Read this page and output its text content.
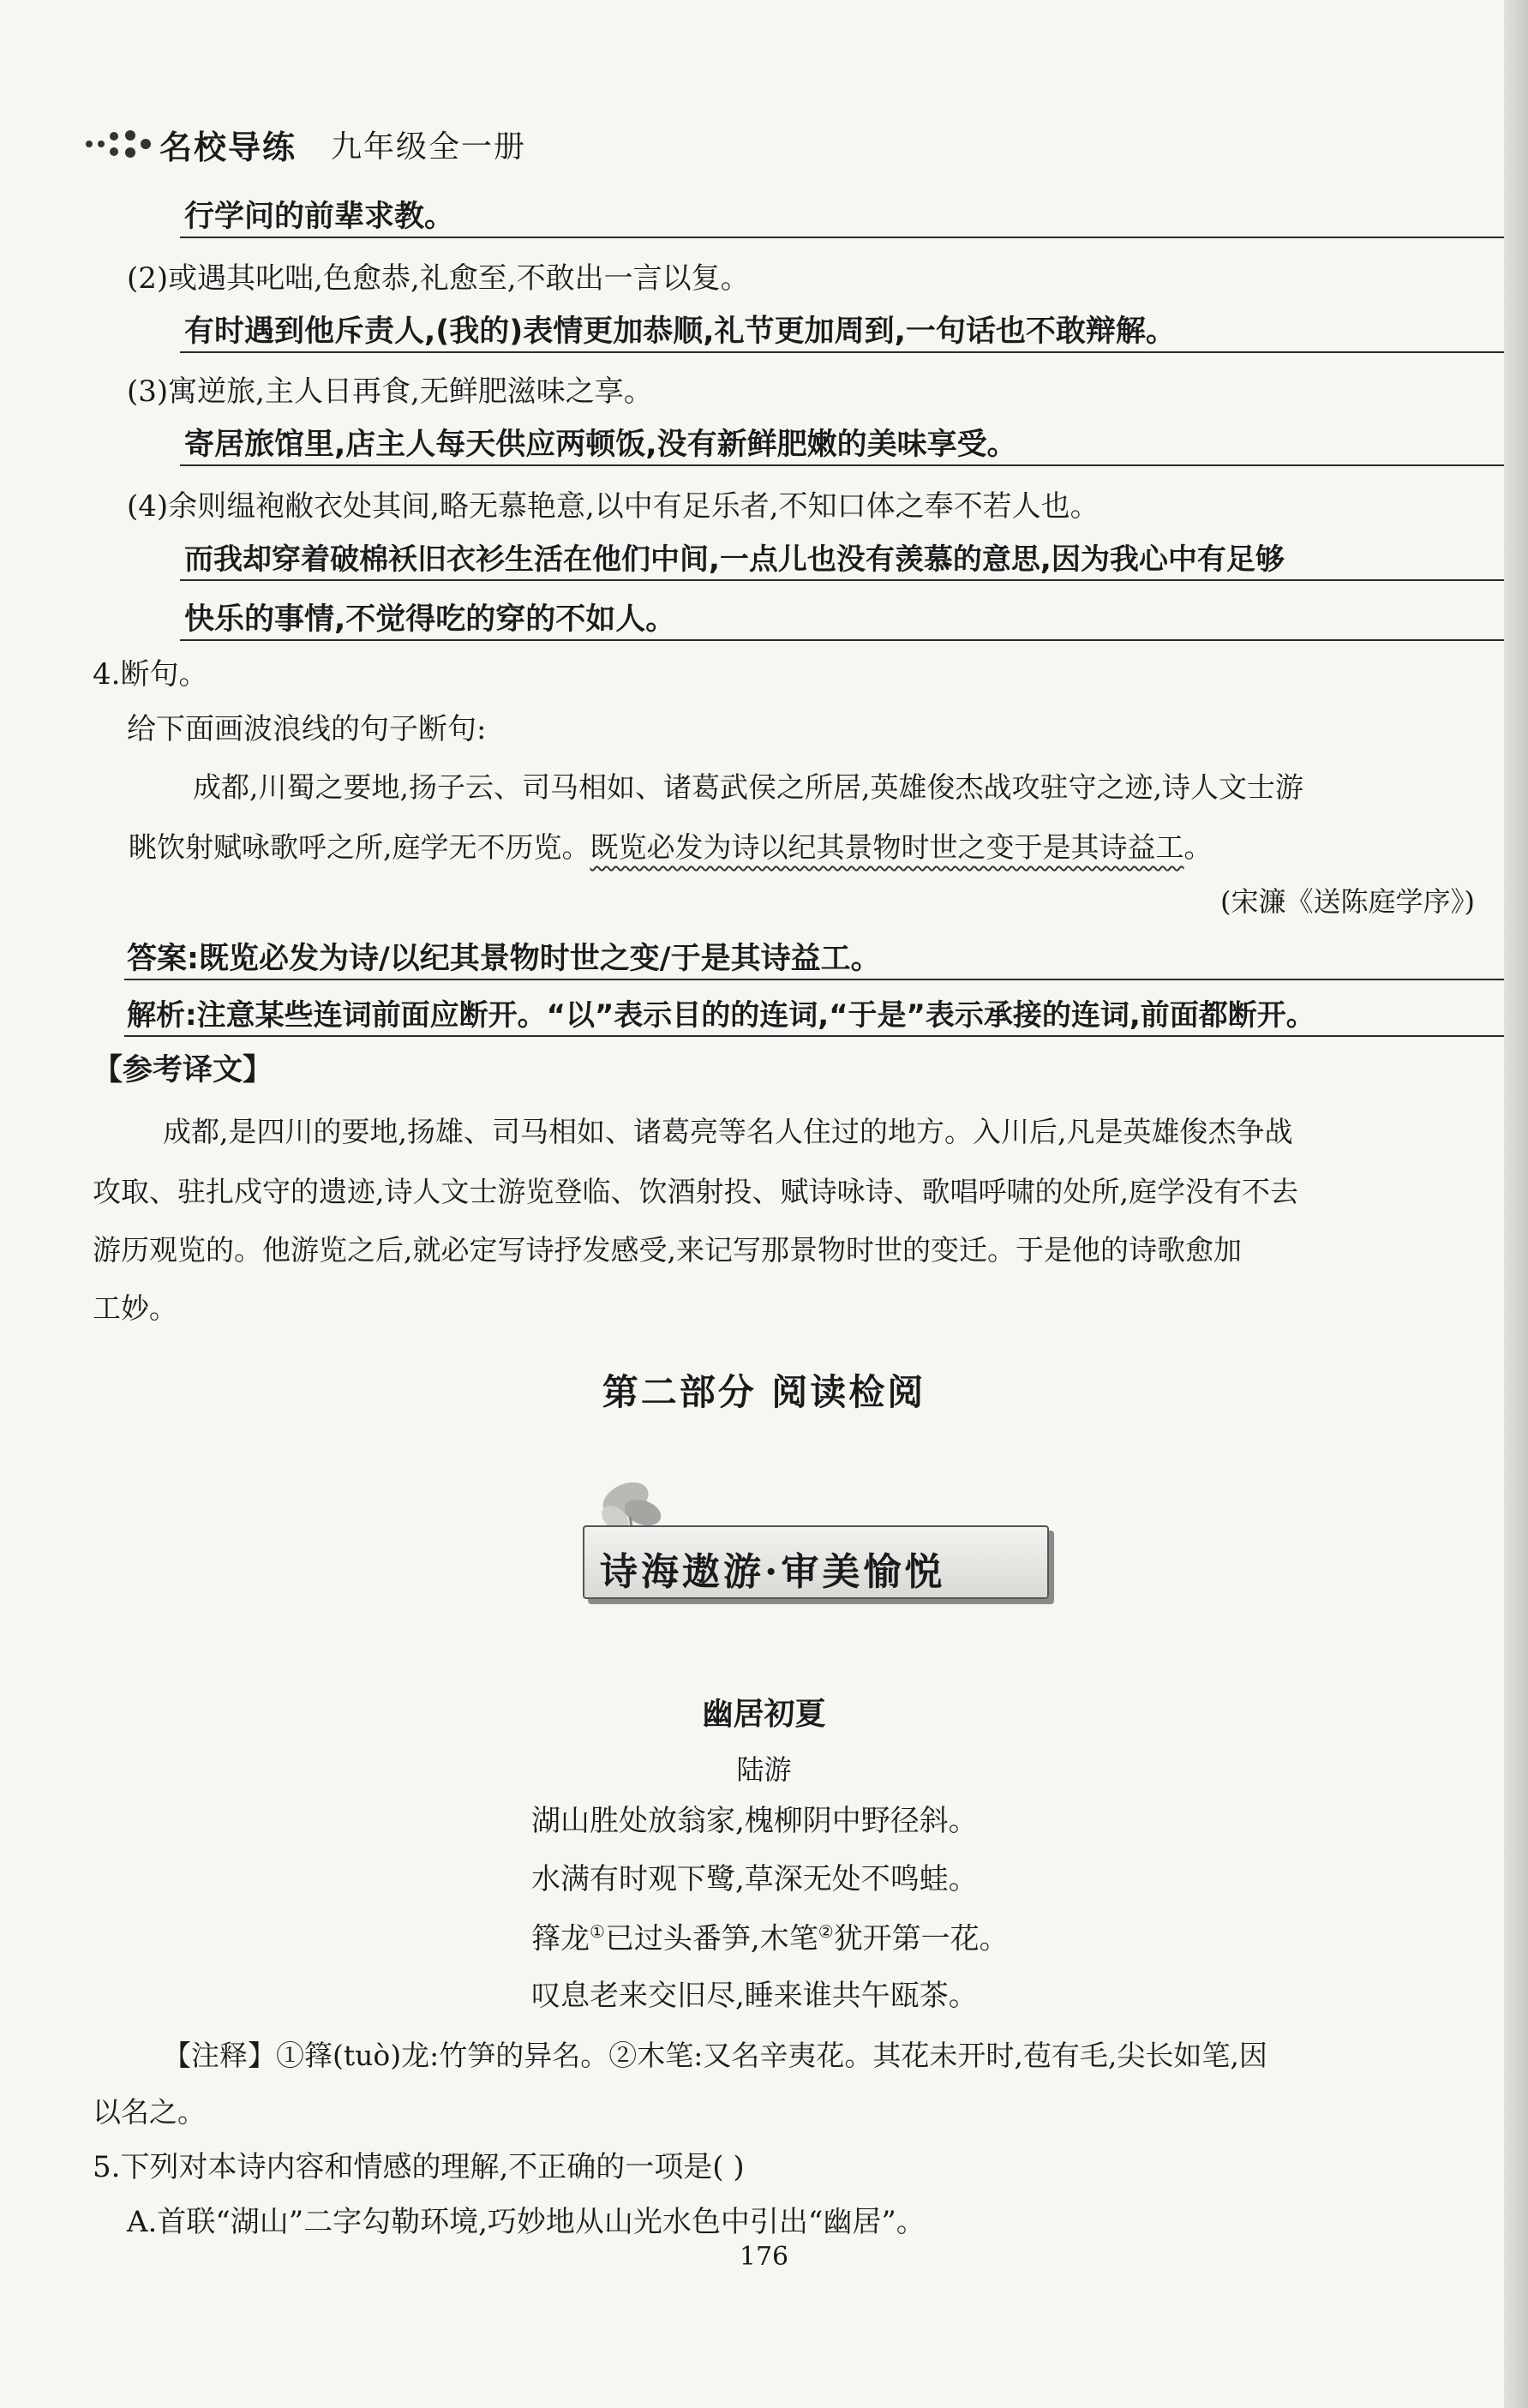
名校导练 九年级全一册
行学问的前辈求教。
(2)或遇其叱咄,色愈恭,礼愈至,不敢出一言以复。
有时遇到他斥责人,(我的)表情更加恭顺,礼节更加周到,一句话也不敢辩解。
(3)寓逆旅,主人日再食,无鲜肥滋味之享。
寄居旅馆里,店主人每天供应两顿饭,没有新鲜肥嫩的美味享受。
(4)余则缊袍敝衣处其间,略无慕艳意,以中有足乐者,不知口体之奉不若人也。
而我却穿着破棉袄旧衣衫生活在他们中间,一点儿也没有羡慕的意思,因为我心中有足够
快乐的事情,不觉得吃的穿的不如人。
4.断句。
给下面画波浪线的句子断句:
成都,川蜀之要地,扬子云、司马相如、诸葛武侯之所居,英雄俊杰战攻驻守之迹,诗人文士游
眺饮射赋咏歌呼之所,庭学无不历览。既览必发为诗以纪其景物时世之变于是其诗益工。
(宋濂《送陈庭学序》)
答案:既览必发为诗/以纪其景物时世之变/于是其诗益工。
解析:注意某些连词前面应断开。“以”表示目的的连词,“于是”表示承接的连词,前面都断开。
【参考译文】
成都,是四川的要地,扬雄、司马相如、诸葛亮等名人住过的地方。入川后,凡是英雄俊杰争战
攻取、驻扎戍守的遗迹,诗人文士游览登临、饮酒射投、赋诗咏诗、歌唱呼啸的处所,庭学没有不去
游历观览的。他游览之后,就必定写诗抒发感受,来记写那景物时世的变迁。于是他的诗歌愈加
工妙。
第二部分 阅读检阅
诗海遨游·审美愉悦
幽居初夏
陆游
湖山胜处放翁家,槐柳阴中野径斜。
水满有时观下鹭,草深无处不鸣蛙。
箨龙①已过头番笋,木笔②犹开第一花。
叹息老来交旧尽,睡来谁共午瓯茶。
【注释】①箨(tuò)龙:竹笋的异名。②木笔:又名辛夷花。其花未开时,苞有毛,尖长如笔,因
以名之。
5.下列对本诗内容和情感的理解,不正确的一项是( )
A.首联“湖山”二字勾勒环境,巧妙地从山光水色中引出“幽居”。
176
